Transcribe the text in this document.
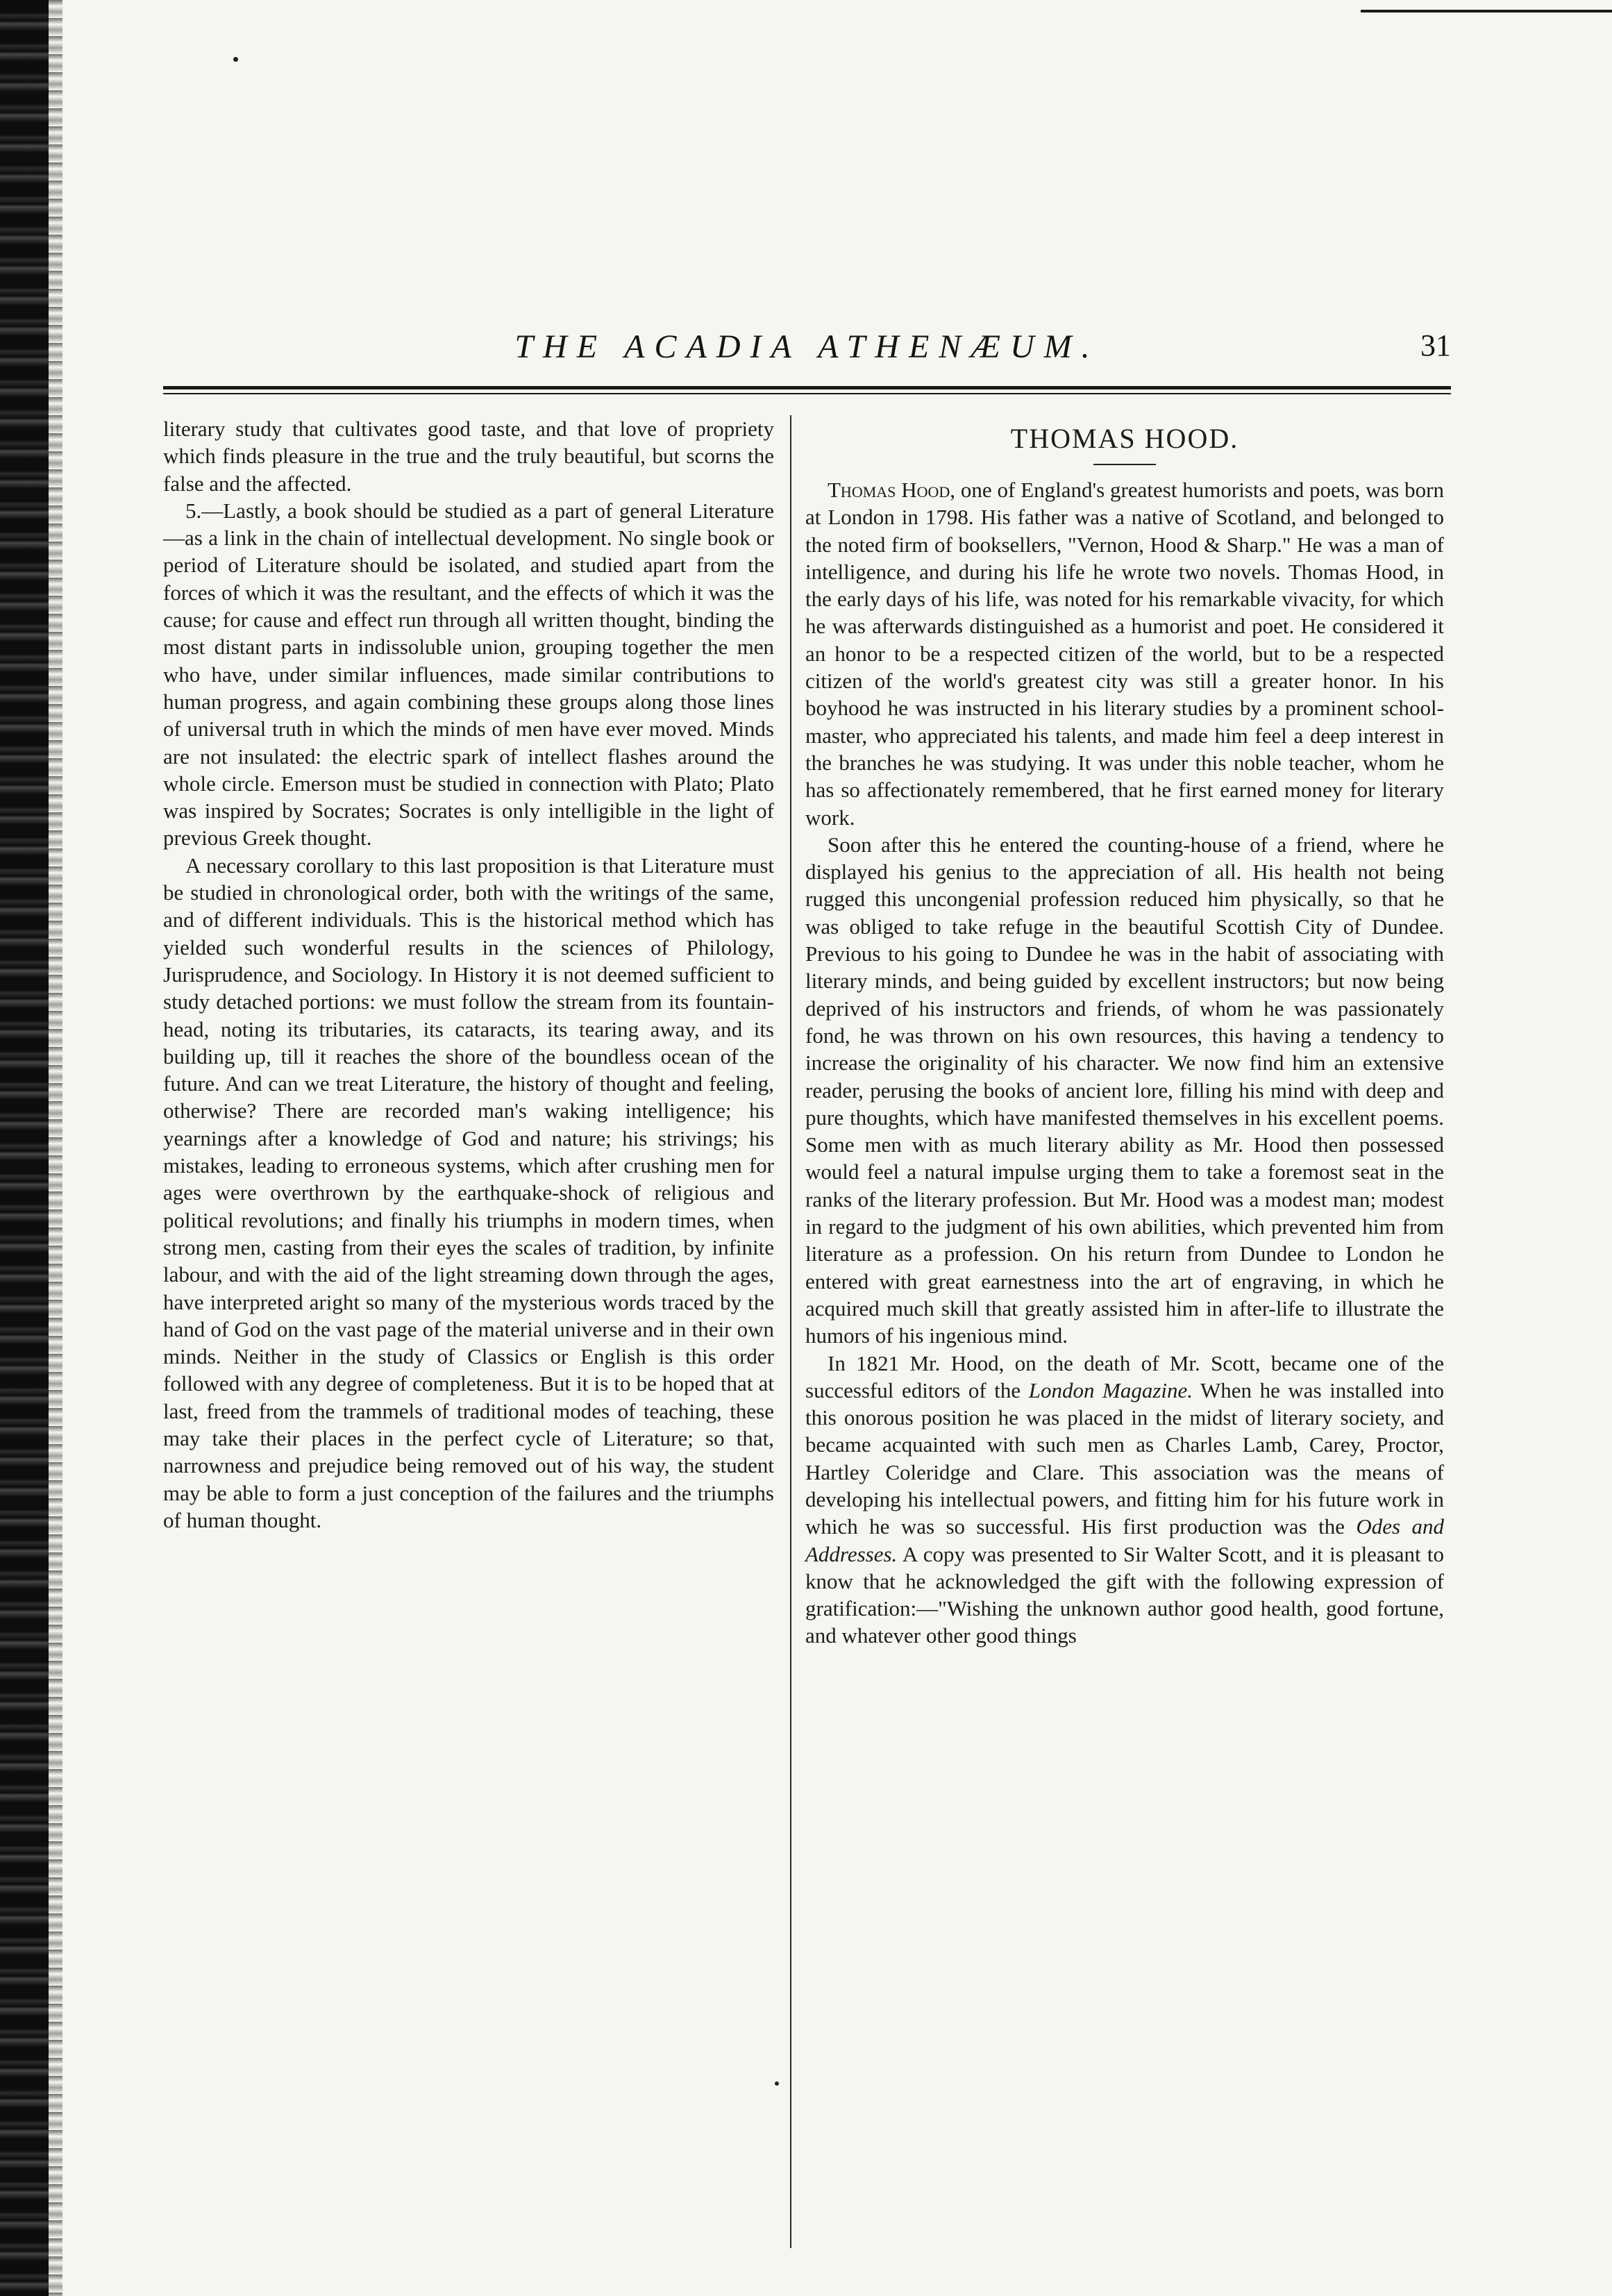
THE ACADIA ATHENÆUM.	31

literary study that cultivates good taste, and that love of propriety which finds pleasure in the true and the truly beautiful, but scorns the false and the affected.

5.—Lastly, a book should be studied as a part of general Literature—as a link in the chain of intellectual development. No single book or period of Literature should be isolated, and studied apart from the forces of which it was the resultant, and the effects of which it was the cause; for cause and effect run through all written thought, binding the most distant parts in indissoluble union, grouping together the men who have, under similar influences, made similar contributions to human progress, and again combining these groups along those lines of universal truth in which the minds of men have ever moved. Minds are not insulated: the electric spark of intellect flashes around the whole circle. Emerson must be studied in connection with Plato; Plato was inspired by Socrates; Socrates is only intelligible in the light of previous Greek thought.

A necessary corollary to this last proposition is that Literature must be studied in chronological order, both with the writings of the same, and of different individuals. This is the historical method which has yielded such wonderful results in the sciences of Philology, Jurisprudence, and Sociology. In History it is not deemed sufficient to study detached portions: we must follow the stream from its fountain-head, noting its tributaries, its cataracts, its tearing away, and its building up, till it reaches the shore of the boundless ocean of the future. And can we treat Literature, the history of thought and feeling, otherwise? There are recorded man's waking intelligence; his yearnings after a knowledge of God and nature; his strivings; his mistakes, leading to erroneous systems, which after crushing men for ages were overthrown by the earthquake-shock of religious and political revolutions; and finally his triumphs in modern times, when strong men, casting from their eyes the scales of tradition, by infinite labour, and with the aid of the light streaming down through the ages, have interpreted aright so many of the mysterious words traced by the hand of God on the vast page of the material universe and in their own minds. Neither in the study of Classics or English is this order followed with any degree of completeness. But it is to be hoped that at last, freed from the trammels of traditional modes of teaching, these may take their places in the perfect cycle of Literature; so that, narrowness and prejudice being removed out of his way, the student may be able to form a just conception of the failures and the triumphs of human thought.

THOMAS HOOD.

Thomas Hood, one of England's greatest humorists and poets, was born at London in 1798. His father was a native of Scotland, and belonged to the noted firm of booksellers, "Vernon, Hood & Sharp." He was a man of intelligence, and during his life he wrote two novels. Thomas Hood, in the early days of his life, was noted for his remarkable vivacity, for which he was afterwards distinguished as a humorist and poet. He considered it an honor to be a respected citizen of the world, but to be a respected citizen of the world's greatest city was still a greater honor. In his boyhood he was instructed in his literary studies by a prominent school-master, who appreciated his talents, and made him feel a deep interest in the branches he was studying. It was under this noble teacher, whom he has so affectionately remembered, that he first earned money for literary work.

Soon after this he entered the counting-house of a friend, where he displayed his genius to the appreciation of all. His health not being rugged this uncongenial profession reduced him physically, so that he was obliged to take refuge in the beautiful Scottish City of Dundee. Previous to his going to Dundee he was in the habit of associating with literary minds, and being guided by excellent instructors; but now being deprived of his instructors and friends, of whom he was passionately fond, he was thrown on his own resources, this having a tendency to increase the originality of his character. We now find him an extensive reader, perusing the books of ancient lore, filling his mind with deep and pure thoughts, which have manifested themselves in his excellent poems. Some men with as much literary ability as Mr. Hood then possessed would feel a natural impulse urging them to take a foremost seat in the ranks of the literary profession. But Mr. Hood was a modest man; modest in regard to the judgment of his own abilities, which prevented him from literature as a profession. On his return from Dundee to London he entered with great earnestness into the art of engraving, in which he acquired much skill that greatly assisted him in after-life to illustrate the humors of his ingenious mind.

In 1821 Mr. Hood, on the death of Mr. Scott, became one of the successful editors of the London Magazine. When he was installed into this onorous position he was placed in the midst of literary society, and became acquainted with such men as Charles Lamb, Carey, Proctor, Hartley Coleridge and Clare. This association was the means of developing his intellectual powers, and fitting him for his future work in which he was so successful. His first production was the Odes and Addresses. A copy was presented to Sir Walter Scott, and it is pleasant to know that he acknowledged the gift with the following expression of gratification:—"Wishing the unknown author good health, good fortune, and whatever other good things
